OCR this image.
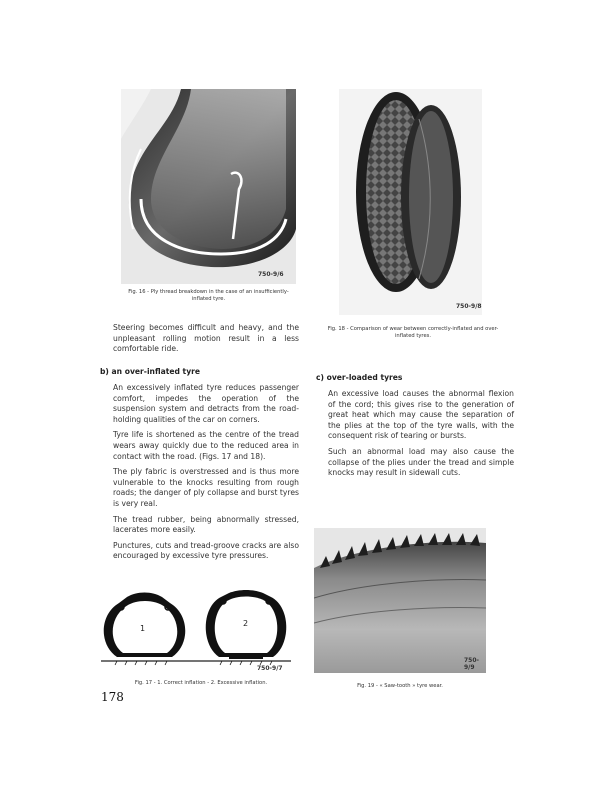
750-9/6
Fig. 16 - Ply thread breakdown in the case of an insufficiently-
inflated tyre.
750-9/8
Fig. 18 - Comparison of wear between correctly-inflated and over-
inflated tyres.
Steering becomes difficult and heavy, and the unpleasant rolling motion result in a less comfortable ride.
b) an over-inflated tyre

An excessively inflated tyre reduces passenger comfort, impedes the operation of the suspension system and detracts from the road-holding qualities of the car on corners.

Tyre life is shortened as the centre of the tread wears away quickly due to the reduced area in contact with the road. (Figs. 17 and 18).

The ply fabric is overstressed and is thus more vulnerable to the knocks resulting from rough roads; the danger of ply collapse and burst tyres is very real.

The tread rubber, being abnormally stressed, lacerates more easily.

Punctures, cuts and tread-groove cracks are also encouraged by excessive tyre pressures.

c) over-loaded tyres

An excessive load causes the abnormal flexion of the cord; this gives rise to the generation of great heat which may cause the separation of the plies at the top of the tyre walls, with the consequent risk of tearing or bursts.

Such an abnormal load may also cause the collapse of the plies under the tread and simple knocks may result in sidewall cuts.

1
2
750-9/7
Fig. 17 - 1. Correct inflation - 2. Excessive inflation.
750-9/9
Fig. 19 - « Saw-tooth » tyre wear.
178
